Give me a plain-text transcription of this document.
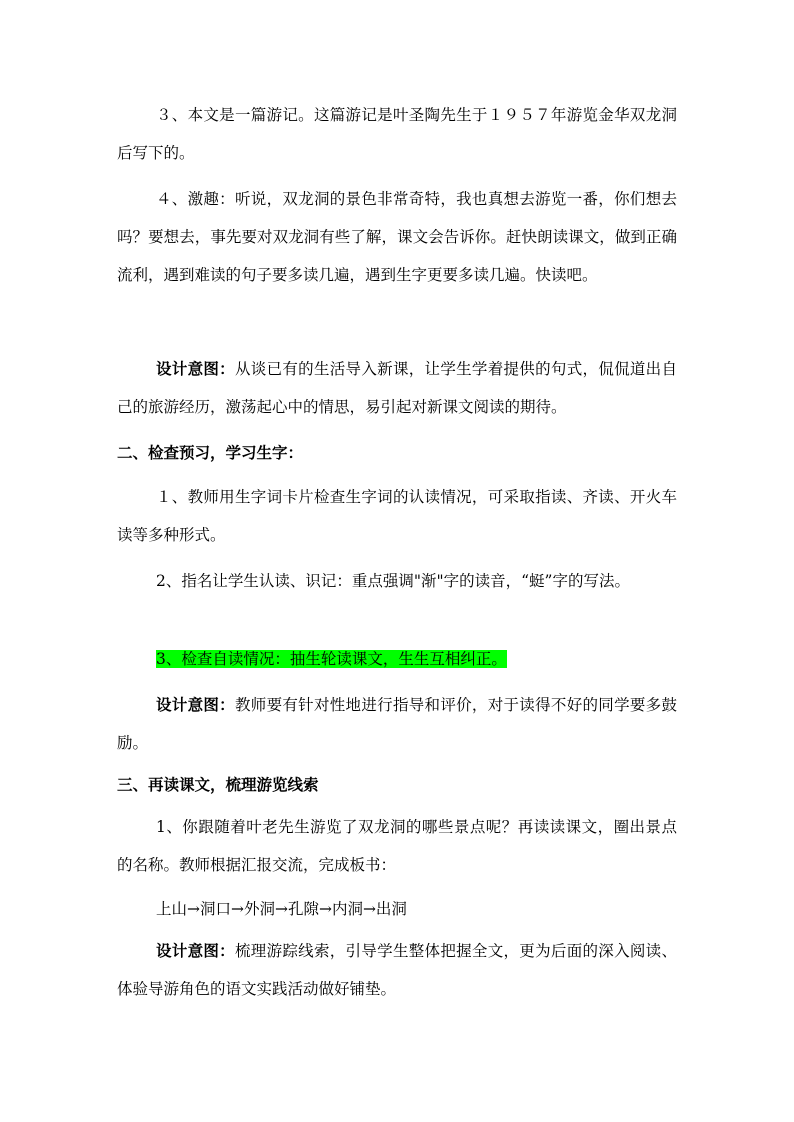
３、本文是一篇游记。这篇游记是叶圣陶先生于１９５７年游览金华双龙洞后写下的。

４、激趣：听说，双龙洞的景色非常奇特，我也真想去游览一番，你们想去吗？要想去，事先要对双龙洞有些了解，课文会告诉你。赶快朗读课文，做到正确流利，遇到难读的句子要多读几遍，遇到生字更要多读几遍。快读吧。

设计意图：从谈已有的生活导入新课，让学生学着提供的句式，侃侃道出自己的旅游经历，激荡起心中的情思，易引起对新课文阅读的期待。

二、检查预习，学习生字：

１、教师用生字词卡片检查生字词的认读情况，可采取指读、齐读、开火车读等多种形式。

2、指名让学生认读、识记：重点强调"渐"字的读音，“蜓”字的写法。

3、检查自读情况：抽生轮读课文，生生互相纠正。

设计意图：教师要有针对性地进行指导和评价，对于读得不好的同学要多鼓励。

三、再读课文，梳理游览线索

1、你跟随着叶老先生游览了双龙洞的哪些景点呢？再读读课文，圈出景点的名称。教师根据汇报交流，完成板书：

上山→洞口→外洞→孔隙→内洞→出洞

设计意图：梳理游踪线索，引导学生整体把握全文，更为后面的深入阅读、体验导游角色的语文实践活动做好铺垫。
